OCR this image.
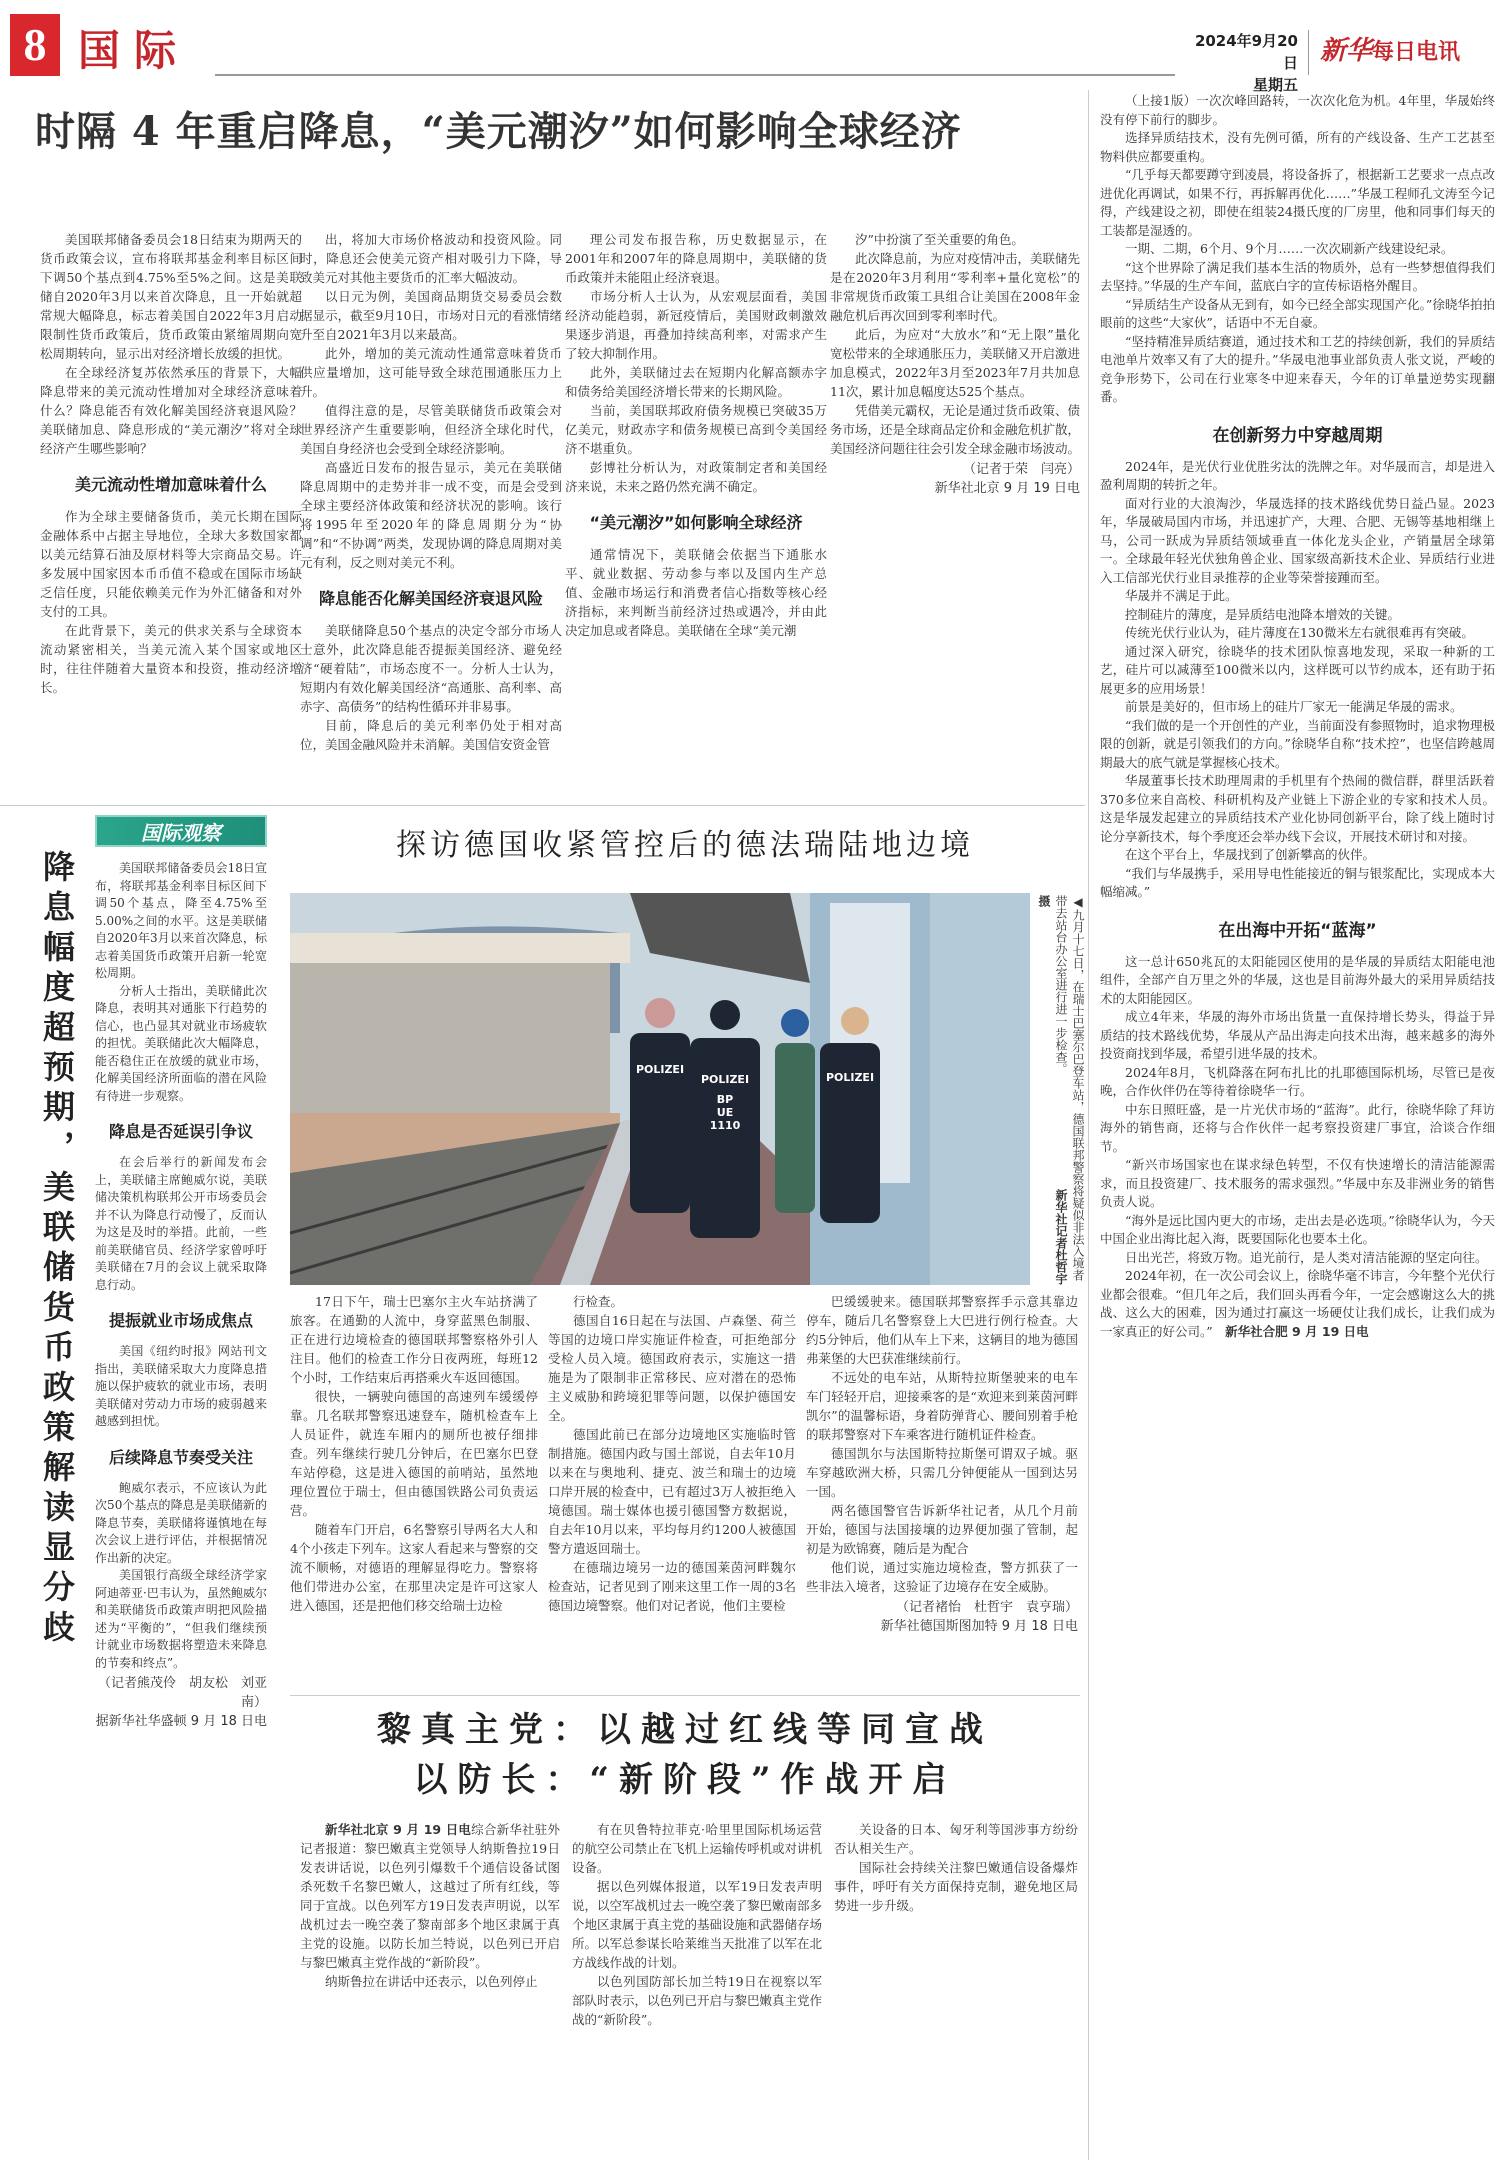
8 国际	2024年9月20日
星期五
新华每日电讯
时隔 4 年重启降息，“美元潮汐”如何影响全球经济

美国联邦储备委员会18日结束为期两天的货币政策会议，宣布将联邦基金利率目标区间下调50个基点到4.75%至5%之间。这是美联储自2020年3月以来首次降息，且一开始就超常规大幅降息，标志着美国自2022年3月启动限制性货币政策后，货币政策由紧缩周期向宽松周期转向，显示出对经济增长放缓的担忧。

在全球经济复苏依然承压的背景下，大幅降息带来的美元流动性增加对全球经济意味着什么？降息能否有效化解美国经济衰退风险？美联储加息、降息形成的“美元潮汐”将对全球经济产生哪些影响？

美元流动性增加意味着什么

作为全球主要储备货币，美元长期在国际金融体系中占据主导地位，全球大多数国家都以美元结算石油及原材料等大宗商品交易。许多发展中国家因本币币值不稳或在国际市场缺乏信任度，只能依赖美元作为外汇储备和对外支付的工具。

在此背景下，美元的供求关系与全球资本流动紧密相关，当美元流入某个国家或地区时，往往伴随着大量资本和投资，推动经济增长。

出，将加大市场价格波动和投资风险。同时，降息还会使美元资产相对吸引力下降，导致美元对其他主要货币的汇率大幅波动。

以日元为例，美国商品期货交易委员会数据显示，截至9月10日，市场对日元的看涨情绪升至自2021年3月以来最高。

此外，增加的美元流动性通常意味着货币供应量增加，这可能导致全球范围通胀压力上升。

值得注意的是，尽管美联储货币政策会对世界经济产生重要影响，但经济全球化时代，美国自身经济也会受到全球经济影响。

高盛近日发布的报告显示，美元在美联储降息周期中的走势并非一成不变，而是会受到全球主要经济体政策和经济状况的影响。该行将1995年至2020年的降息周期分为“协调”和“不协调”两类，发现协调的降息周期对美元有利，反之则对美元不利。

降息能否化解美国经济衰退风险

美联储降息50个基点的决定令部分市场人士意外，此次降息能否提振美国经济、避免经济“硬着陆”，市场态度不一。分析人士认为，短期内有效化解美国经济“高通胀、高利率、高赤字、高债务”的结构性循环并非易事。

目前，降息后的美元利率仍处于相对高位，美国金融风险并未消解。美国信安资金管

理公司发布报告称，历史数据显示，在2001年和2007年的降息周期中，美联储的货币政策并未能阻止经济衰退。

市场分析人士认为，从宏观层面看，美国经济动能趋弱，新冠疫情后，美国财政刺激效果逐步消退，再叠加持续高利率，对需求产生了较大抑制作用。

此外，美联储过去在短期内化解高额赤字和债务给美国经济增长带来的长期风险。

当前，美国联邦政府债务规模已突破35万亿美元，财政赤字和债务规模已高到令美国经济不堪重负。

彭博社分析认为，对政策制定者和美国经济来说，未来之路仍然充满不确定。

“美元潮汐”如何影响全球经济

通常情况下，美联储会依据当下通胀水平、就业数据、劳动参与率以及国内生产总值、金融市场运行和消费者信心指数等核心经济指标，来判断当前经济过热或遇冷，并由此决定加息或者降息。美联储在全球“美元潮

汐”中扮演了至关重要的角色。

此次降息前，为应对疫情冲击，美联储先是在2020年3月利用“零利率+量化宽松”的非常规货币政策工具组合让美国在2008年金融危机后再次回到零利率时代。

此后，为应对“大放水”和“无上限”量化宽松带来的全球通胀压力，美联储又开启激进加息模式，2022年3月至2023年7月共加息11次，累计加息幅度达525个基点。

凭借美元霸权，无论是通过货币政策、债务市场，还是全球商品定价和金融危机扩散，美国经济问题往往会引发全球金融市场波动。

（记者于荣　闫亮）
新华社北京 9 月 19 日电
降息幅度超预期，美联储货币政策解读显分歧
国际观察

美国联邦储备委员会18日宣布，将联邦基金利率目标区间下调50个基点，降至4.75%至5.00%之间的水平。这是美联储自2020年3月以来首次降息，标志着美国货币政策开启新一轮宽松周期。

分析人士指出，美联储此次降息，表明其对通胀下行趋势的信心，也凸显其对就业市场疲软的担忧。美联储此次大幅降息，能否稳住正在放缓的就业市场，化解美国经济所面临的潜在风险有待进一步观察。

降息是否延误引争议

在会后举行的新闻发布会上，美联储主席鲍威尔说，美联储决策机构联邦公开市场委员会并不认为降息行动慢了，反而认为这是及时的举措。此前，一些前美联储官员、经济学家曾呼吁美联储在7月的会议上就采取降息行动。

提振就业市场成焦点

美国《纽约时报》网站刊文指出，美联储采取大力度降息措施以保护疲软的就业市场，表明美联储对劳动力市场的疲弱越来越感到担忧。

后续降息节奏受关注

鲍威尔表示，不应该认为此次50个基点的降息是美联储新的降息节奏，美联储将谨慎地在每次会议上进行评估，并根据情况作出新的决定。

美国银行高级全球经济学家阿迪蒂亚·巴韦认为，虽然鲍威尔和美联储货币政策声明把风险描述为“平衡的”，“但我们继续预计就业市场数据将塑造未来降息的节奏和终点”。

（记者熊茂伶　胡友松　刘亚南）
据新华社华盛顿 9 月 18 日电
探访德国收紧管控后的德法瑞陆地边境
POLIZEI
POLIZEI	POLIZEI
BP
UE
1110	◀九月十七日，在瑞士巴塞尔巴登车站，德国联邦警察将疑似非法入境者带去站台办公室进行进一步检查。 新华社记者杜哲宇摄

17日下午，瑞士巴塞尔主火车站挤满了旅客。在通勤的人流中，身穿蓝黑色制服、正在进行边境检查的德国联邦警察格外引人注目。他们的检查工作分日夜两班，每班12个小时，工作结束后再搭乘火车返回德国。

很快，一辆驶向德国的高速列车缓缓停靠。几名联邦警察迅速登车，随机检查车上人员证件，就连车厢内的厕所也被仔细排查。列车继续行驶几分钟后，在巴塞尔巴登车站停稳，这是进入德国的前哨站，虽然地理位置位于瑞士，但由德国铁路公司负责运营。

随着车门开启，6名警察引导两名大人和4个小孩走下列车。这家人看起来与警察的交流不顺畅，对德语的理解显得吃力。警察将他们带进办公室，在那里决定是许可这家人进入德国，还是把他们移交给瑞士边检

行检查。

德国自16日起在与法国、卢森堡、荷兰等国的边境口岸实施证件检查，可拒绝部分受检人员入境。德国政府表示，实施这一措施是为了限制非正常移民、应对潜在的恐怖主义威胁和跨境犯罪等问题，以保护德国安全。

德国此前已在部分边境地区实施临时管制措施。德国内政与国土部说，自去年10月以来在与奥地利、捷克、波兰和瑞士的边境口岸开展的检查中，已有超过3万人被拒绝入境德国。瑞士媒体也援引德国警方数据说，自去年10月以来，平均每月约1200人被德国警方遣返回瑞士。

在德瑞边境另一边的德国莱茵河畔魏尔检查站，记者见到了刚来这里工作一周的3名德国边境警察。他们对记者说，他们主要检

巴缓缓驶来。德国联邦警察挥手示意其靠边停车，随后几名警察登上大巴进行例行检查。大约5分钟后，他们从车上下来，这辆目的地为德国弗莱堡的大巴获准继续前行。

不远处的电车站，从斯特拉斯堡驶来的电车车门轻轻开启，迎接乘客的是“欢迎来到莱茵河畔凯尔”的温馨标语，身着防弹背心、腰间别着手枪的联邦警察对下车乘客进行随机证件检查。

德国凯尔与法国斯特拉斯堡可谓双子城。驱车穿越欧洲大桥，只需几分钟便能从一国到达另一国。

两名德国警官告诉新华社记者，从几个月前开始，德国与法国接壤的边界便加强了管制，起初是为欧锦赛，随后是为配合

他们说，通过实施边境检查，警方抓获了一些非法入境者，这验证了边境存在安全威胁。

（记者褚怡　杜哲宇　袁亨瑞）
新华社德国斯图加特 9 月 18 日电
黎真主党：以越过红线等同宣战
以防长：“新阶段”作战开启

新华社北京 9 月 19 日电综合新华社驻外记者报道：黎巴嫩真主党领导人纳斯鲁拉19日发表讲话说，以色列引爆数千个通信设备试图杀死数千名黎巴嫩人，这越过了所有红线，等同于宣战。以色列军方19日发表声明说，以军战机过去一晚空袭了黎南部多个地区隶属于真主党的设施。以防长加兰特说，以色列已开启与黎巴嫩真主党作战的“新阶段”。

纳斯鲁拉在讲话中还表示，以色列停止

有在贝鲁特拉菲克·哈里里国际机场运营的航空公司禁止在飞机上运输传呼机或对讲机设备。

据以色列媒体报道，以军19日发表声明说，以空军战机过去一晚空袭了黎巴嫩南部多个地区隶属于真主党的基础设施和武器储存场所。以军总参谋长哈莱维当天批准了以军在北方战线作战的计划。

以色列国防部长加兰特19日在视察以军部队时表示，以色列已开启与黎巴嫩真主党作战的“新阶段”。

关设备的日本、匈牙利等国涉事方纷纷否认相关生产。

国际社会持续关注黎巴嫩通信设备爆炸事件，呼吁有关方面保持克制，避免地区局势进一步升级。

（上接1版）一次次峰回路转，一次次化危为机。4年里，华晟始终没有停下前行的脚步。

选择异质结技术，没有先例可循，所有的产线设备、生产工艺甚至物料供应都要重构。

“几乎每天都要蹲守到凌晨，将设备拆了，根据新工艺要求一点点改进优化再调试，如果不行，再拆解再优化……”华晟工程师孔文涛至今记得，产线建设之初，即使在组装24摄氏度的厂房里，他和同事们每天的工装都是湿透的。

一期、二期，6个月、9个月……一次次刷新产线建设纪录。

“这个世界除了满足我们基本生活的物质外，总有一些梦想值得我们去坚持。”华晟的生产车间，蓝底白字的宣传标语格外醒目。

“异质结生产设备从无到有，如今已经全部实现国产化。”徐晓华拍拍眼前的这些“大家伙”，话语中不无自豪。

“坚持精准异质结赛道，通过技术和工艺的持续创新，我们的异质结电池单片效率又有了大的提升。”华晟电池事业部负责人张文说，严峻的竞争形势下，公司在行业寒冬中迎来春天，今年的订单量逆势实现翻番。

在创新努力中穿越周期

2024年，是光伏行业优胜劣汰的洗牌之年。对华晟而言，却是进入盈利周期的转折之年。

面对行业的大浪淘沙，华晟选择的技术路线优势日益凸显。2023年，华晟破局国内市场，并迅速扩产，大理、合肥、无锡等基地相继上马，公司一跃成为异质结领域垂直一体化龙头企业，产销量居全球第一。全球最年轻光伏独角兽企业、国家级高新技术企业、异质结行业进入工信部光伏行业目录推荐的企业等荣誉接踵而至。

华晟并不满足于此。

控制硅片的薄度，是异质结电池降本增效的关键。

传统光伏行业认为，硅片薄度在130微米左右就很难再有突破。

通过深入研究，徐晓华的技术团队惊喜地发现，采取一种新的工艺，硅片可以减薄至100微米以内，这样既可以节约成本，还有助于拓展更多的应用场景！

前景是美好的，但市场上的硅片厂家无一能满足华晟的需求。

“我们做的是一个开创性的产业，当前面没有参照物时，追求物理极限的创新，就是引领我们的方向。”徐晓华自称“技术控”，也坚信跨越周期最大的底气就是掌握核心技术。

华晟董事长技术助理周肃的手机里有个热闹的微信群，群里活跃着370多位来自高校、科研机构及产业链上下游企业的专家和技术人员。这是华晟发起建立的异质结技术产业化协同创新平台，除了线上随时讨论分享新技术，每个季度还会举办线下会议，开展技术研讨和对接。

在这个平台上，华晟找到了创新攀高的伙伴。

“我们与华晟携手，采用导电性能接近的铜与银浆配比，实现成本大幅缩减。”

在出海中开拓“蓝海”

这一总计650兆瓦的太阳能园区使用的是华晟的异质结太阳能电池组件，全部产自万里之外的华晟，这也是目前海外最大的采用异质结技术的太阳能园区。

成立4年来，华晟的海外市场出货量一直保持增长势头，得益于异质结的技术路线优势，华晟从产品出海走向技术出海，越来越多的海外投资商找到华晟，希望引进华晟的技术。

2024年8月，飞机降落在阿布扎比的扎耶德国际机场，尽管已是夜晚，合作伙伴仍在等待着徐晓华一行。

中东日照旺盛，是一片光伏市场的“蓝海”。此行，徐晓华除了拜访海外的销售商，还将与合作伙伴一起考察投资建厂事宜，洽谈合作细节。

“新兴市场国家也在谋求绿色转型，不仅有快速增长的清洁能源需求，而且投资建厂、技术服务的需求强烈。”华晟中东及非洲业务的销售负责人说。

“海外是远比国内更大的市场，走出去是必选项。”徐晓华认为，今天中国企业出海比起入海，既要国际化也要本土化。

日出光芒，将致万物。追光前行，是人类对清洁能源的坚定向往。

2024年初，在一次公司会议上，徐晓华毫不讳言，今年整个光伏行业都会很难。“但几年之后，我们回头再看今年，一定会感谢这么大的挑战、这么大的困难，因为通过打赢这一场硬仗让我们成长，让我们成为一家真正的好公司。”　 新华社合肥 9 月 19 日电
